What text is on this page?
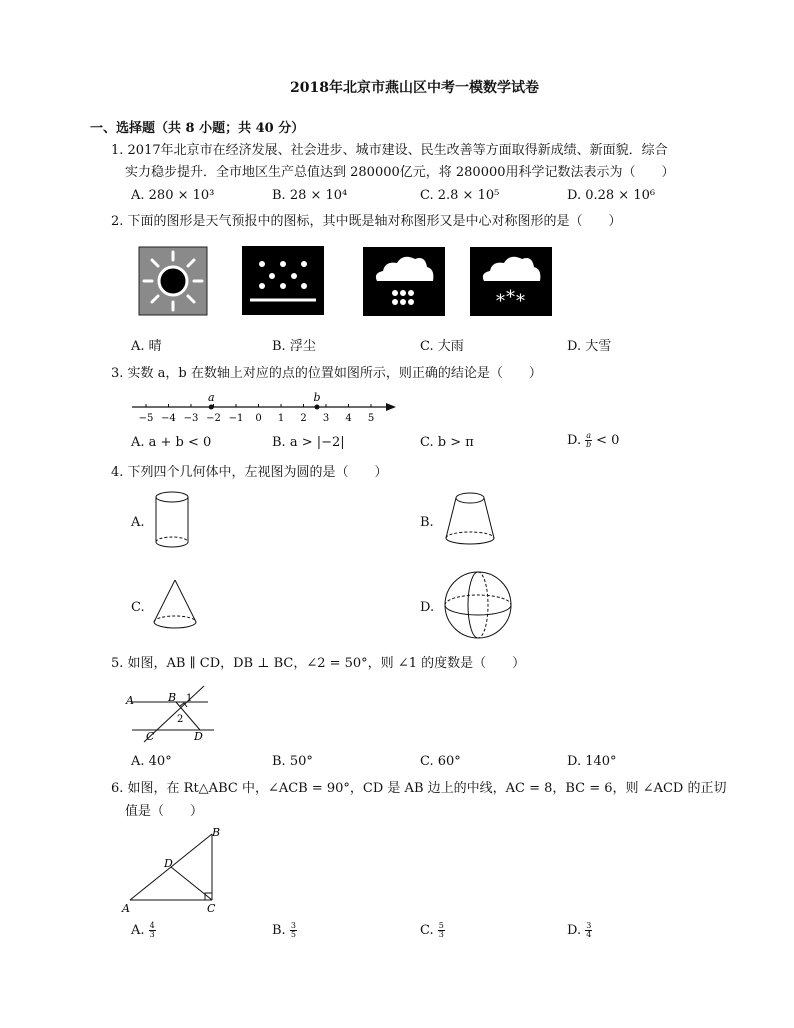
2018年北京市燕山区中考一模数学试卷
一、选择题（共 8 小题；共 40 分）
1. 2017年北京市在经济发展、社会进步、城市建设、民生改善等方面取得新成绩、新面貌．综合
实力稳步提升．全市地区生产总值达到 280000亿元，将 280000用科学记数法表示为（　　）
A. 280 × 10³	B. 28 × 10⁴	C. 2.8 × 10⁵	D. 0.28 × 10⁶
2. 下面的图形是天气预报中的图标，其中既是轴对称图形又是中心对称图形的是（　　）
* * *
A. 晴	B. 浮尘	C. 大雨	D. 大雪
3. 实数 a，b 在数轴上对应的点的位置如图所示，则正确的结论是（　　）
−5 −4 −3 −2 −1 0 1 2 3 4 5
a	b
A. a + b < 0	B. a > |−2|	C. b > π	D. $\frac{a}{b} < 0$
4. 下列四个几何体中，左视图为圆的是（　　）
A.	B.
C.	D.
5. 如图，AB ∥ CD，DB ⊥ BC，∠2 = 50°，则 ∠1 的度数是（　　）
A	B
C	D
1
2
A. 40°	B. 50°	C. 60°	D. 140°
6. 如图，在 Rt△ABC 中，∠ACB = 90°，CD 是 AB 边上的中线，AC = 8，BC = 6，则 ∠ACD 的正切
值是（　　）
A
B
C
D
A. $\frac{4}{3}$	B. $\frac{3}{5}$	C. $\frac{5}{3}$	D. $\frac{3}{4}$
